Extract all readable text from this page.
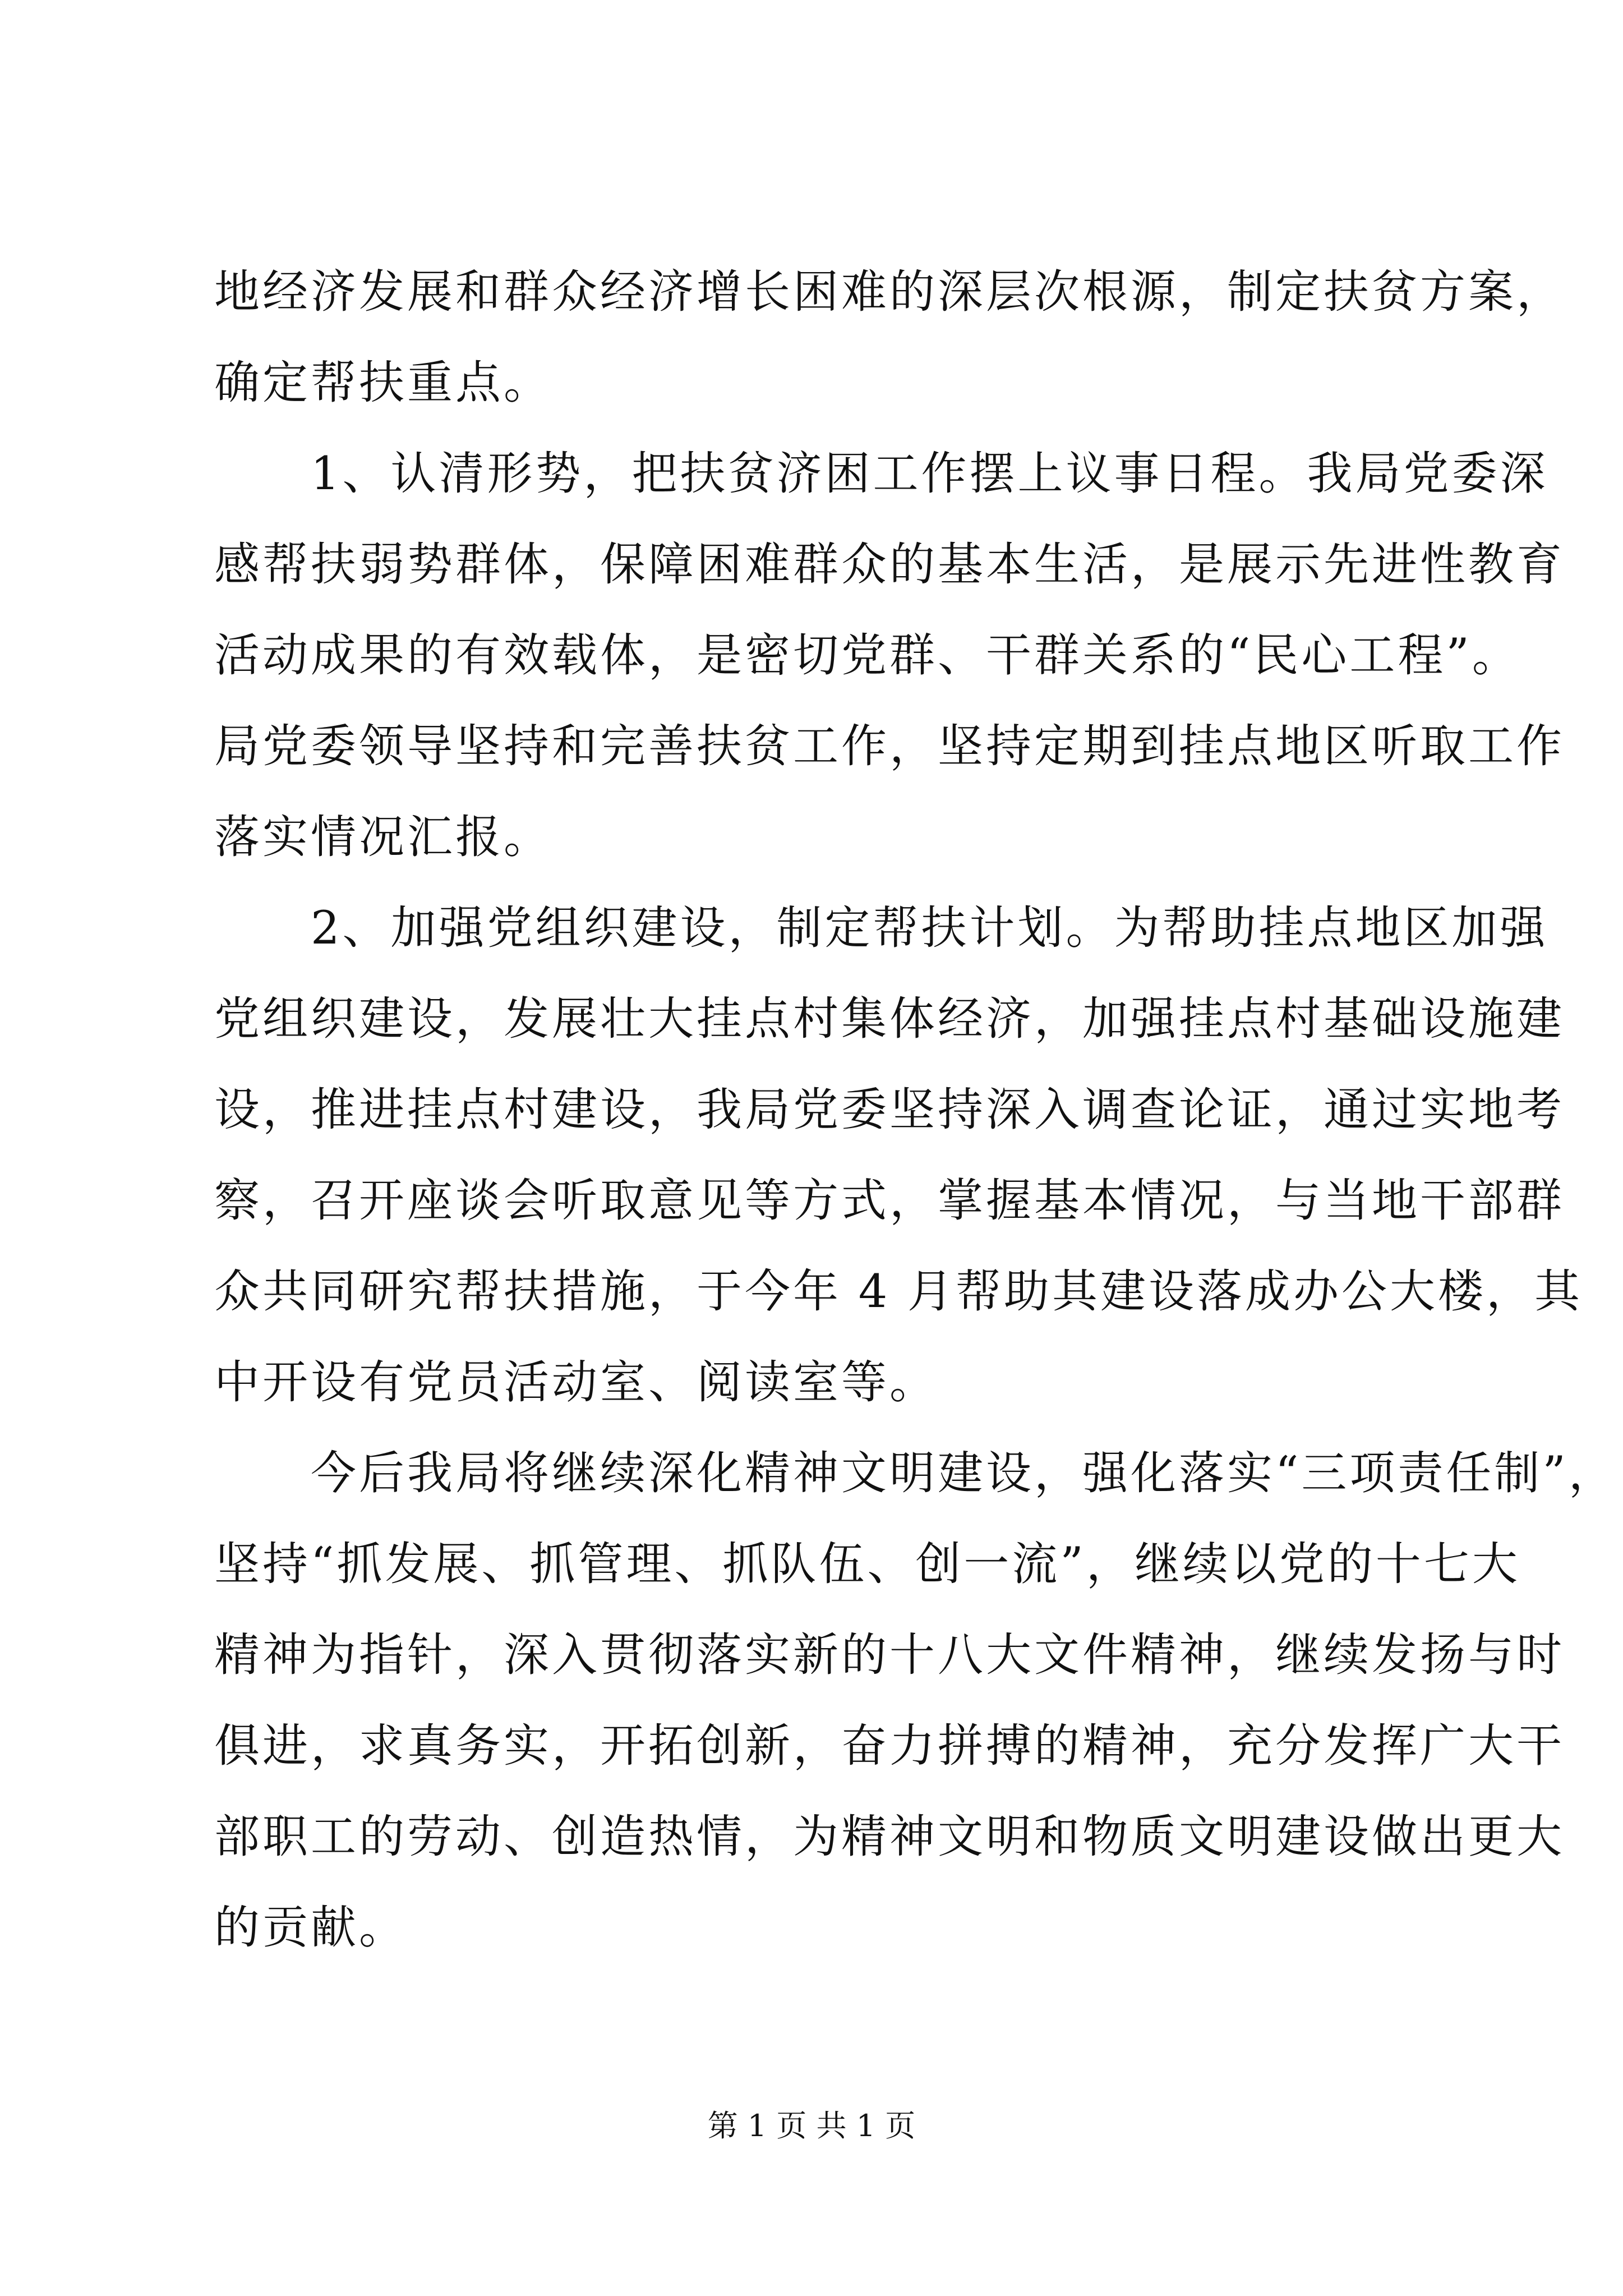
地经济发展和群众经济增长困难的深层次根源，制定扶贫方案，
确定帮扶重点。
　　1、认清形势，把扶贫济困工作摆上议事日程。我局党委深
感帮扶弱势群体，保障困难群众的基本生活，是展示先进性教育
活动成果的有效载体，是密切党群、干群关系的“民心工程”。
局党委领导坚持和完善扶贫工作，坚持定期到挂点地区听取工作
落实情况汇报。
　　2、加强党组织建设，制定帮扶计划。为帮助挂点地区加强
党组织建设，发展壮大挂点村集体经济，加强挂点村基础设施建
设，推进挂点村建设，我局党委坚持深入调查论证，通过实地考
察，召开座谈会听取意见等方式，掌握基本情况，与当地干部群
众共同研究帮扶措施，于今年 4 月帮助其建设落成办公大楼，其
中开设有党员活动室、阅读室等。
　　今后我局将继续深化精神文明建设，强化落实“三项责任制”，
坚持“抓发展、抓管理、抓队伍、创一流”，继续以党的十七大
精神为指针，深入贯彻落实新的十八大文件精神，继续发扬与时
俱进，求真务实，开拓创新，奋力拼搏的精神，充分发挥广大干
部职工的劳动、创造热情，为精神文明和物质文明建设做出更大
的贡献。
第 1 页 共 1 页
